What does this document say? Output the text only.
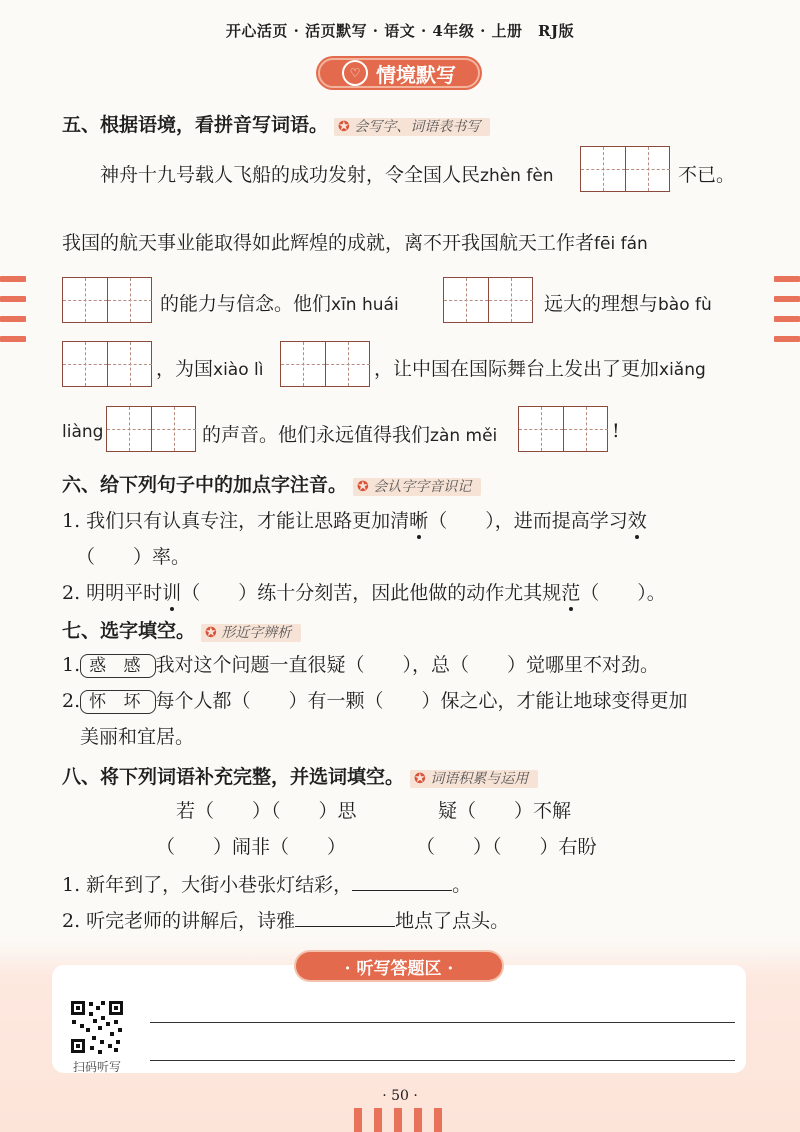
开心活页 · 活页默写 · 语文 · 4年级 · 上册　RJ版
♡ 情境默写
五、根据语境，看拼音写词语。 ✪ 会写字、词语表书写
神舟十九号载人飞船的成功发射，令全国人民zhèn fèn	不已。
我国的航天事业能取得如此辉煌的成就，离不开我国航天工作者fēi fán
的能力与信念。他们xīn huái	远大的理想与bào fù
，为国xiào lì	，让中国在国际舞台上发出了更加xiǎng
liàng	的声音。他们永远值得我们zàn měi	!
六、给下列句子中的加点字注音。 ✪ 会认字字音识记
1. 我们只有认真专注，才能让思路更加清晰（　　），进而提高学习效
（　　）率。
2. 明明平时训（　　）练十分刻苦，因此他做的动作尤其规范（　　）。
七、选字填空。 ✪ 形近字辨析
1. 惑 感 我对这个问题一直很疑（　　），总（　　）觉哪里不对劲。
2. 怀 坏 每个人都（　　）有一颗（　　）保之心，才能让地球变得更加
美丽和宜居。
八、将下列词语补充完整，并选词填空。 ✪ 词语积累与运用
若（　　）（　　）思	疑（　　）不解
（　　）闹非（　　）	（　　）（　　）右盼
1. 新年到了，大街小巷张灯结彩，	。
2. 听完老师的讲解后，诗雅	地点了点头。
· 听写答题区 ·
扫码听写
· 50 ·
